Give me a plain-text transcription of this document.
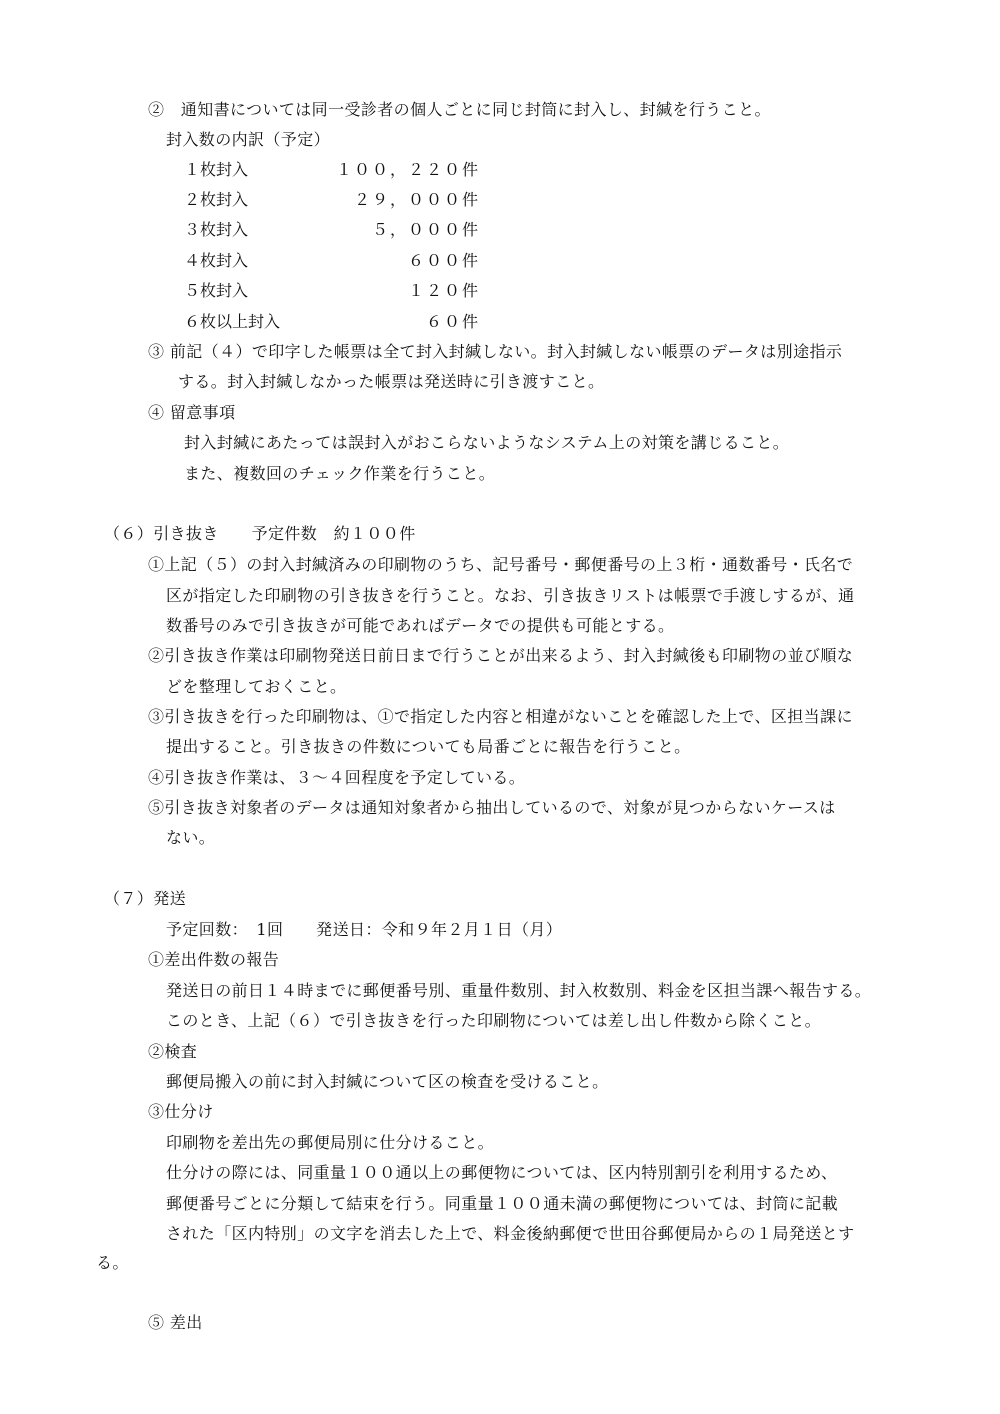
②　通知書については同一受診者の個人ごとに同じ封筒に封入し、封緘を行うこと。
封入数の内訳（予定）
１枚封入	１００，２２０件
２枚封入	２９，０００件
３枚封入	５，０００件
４枚封入	６００件
５枚封入	１２０件
６枚以上封入	６０件
③ 前記（４）で印字した帳票は全て封入封緘しない。封入封緘しない帳票のデータは別途指示
する。封入封緘しなかった帳票は発送時に引き渡すこと。
④ 留意事項
封入封緘にあたっては誤封入がおこらないようなシステム上の対策を講じること。
また、複数回のチェック作業を行うこと。
（６）引き抜き　　予定件数　約１００件
①上記（５）の封入封緘済みの印刷物のうち、記号番号・郵便番号の上３桁・通数番号・氏名で
区が指定した印刷物の引き抜きを行うこと。なお、引き抜きリストは帳票で手渡しするが、通
数番号のみで引き抜きが可能であればデータでの提供も可能とする。
②引き抜き作業は印刷物発送日前日まで行うことが出来るよう、封入封緘後も印刷物の並び順な
どを整理しておくこと。
③引き抜きを行った印刷物は、①で指定した内容と相違がないことを確認した上で、区担当課に
提出すること。引き抜きの件数についても局番ごとに報告を行うこと。
④引き抜き作業は、３～４回程度を予定している。
⑤引き抜き対象者のデータは通知対象者から抽出しているので、対象が見つからないケースは
ない。
（７）発送
予定回数：　1回　　発送日：令和９年２月１日（月）
①差出件数の報告
発送日の前日１４時までに郵便番号別、重量件数別、封入枚数別、料金を区担当課へ報告する。
このとき、上記（６）で引き抜きを行った印刷物については差し出し件数から除くこと。
②検査
郵便局搬入の前に封入封緘について区の検査を受けること。
③仕分け
印刷物を差出先の郵便局別に仕分けること。
仕分けの際には、同重量１００通以上の郵便物については、区内特別割引を利用するため、
郵便番号ごとに分類して結束を行う。同重量１００通未満の郵便物については、封筒に記載
された「区内特別」の文字を消去した上で、料金後納郵便で世田谷郵便局からの１局発送とす
る。
⑤ 差出
